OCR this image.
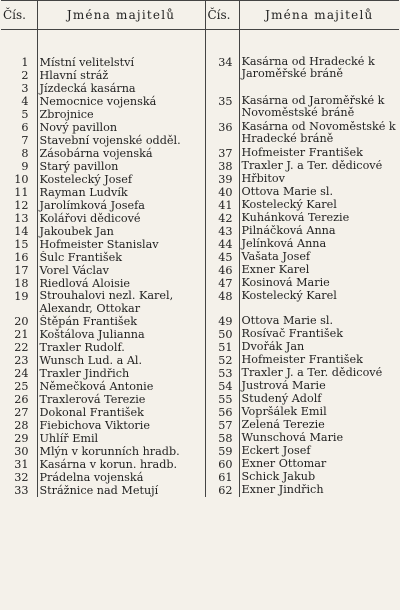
Čís.	Jména majitelů	Čís.	Jména majitelů

1	Místní velitelství	34	Kasárna od Hradecké k Jaroměřské bráně
2	Hlavní stráž		
3	Jízdecká kasárna		
4	Nemocnice vojenská	35	Kasárna od Jaroměřské k Novoměstské bráně
5	Zbrojnice		
6	Nový pavillon	36	Kasárna od Novoměstské k Hradecké bráně
7	Stavební vojenské odděl.		
8	Zásobárna vojenská	37	Hofmeister František
9	Starý pavillon	38	Traxler J. a Ter. dědicové
10	Kostelecký Josef	39	Hřbitov
11	Rayman Ludvík	40	Ottova Marie sl.
12	Jarolímková Josefa	41	Kostelecký Karel
13	Kolářovi dědicové	42	Kuhánková Terezie
14	Jakoubek Jan	43	Pilnáčková Anna
15	Hofmeister Stanislav	44	Jelínková Anna
16	Šulc František	45	Vašata Josef
17	Vorel Václav	46	Exner Karel
18	Riedlová Aloisie	47	Kosinová Marie
19	Strouhalovi nezl. Karel, Alexandr, Ottokar	48	Kostelecký Karel
20	Štěpán František	49	Ottova Marie sl.
21	Koštálova Julianna	50	Rosívač František
22	Traxler Rudolf.	51	Dvořák Jan
23	Wunsch Lud. a Al.	52	Hofmeister František
24	Traxler Jindřich	53	Traxler J. a Ter. dědicové
25	Němečková Antonie	54	Justrová Marie
26	Traxlerová Terezie	55	Studený Adolf
27	Dokonal František	56	Vopršálek Emil
28	Fiebichova Viktorie	57	Zelená Terezie
29	Uhlíř Emil	58	Wunschová Marie
30	Mlýn v korunních hradb.	59	Eckert Josef
31	Kasárna v korun. hradb.	60	Exner Ottomar
32	Prádelna vojenská	61	Schick Jakub
33	Strážnice nad Metují	62	Exner Jindřich
